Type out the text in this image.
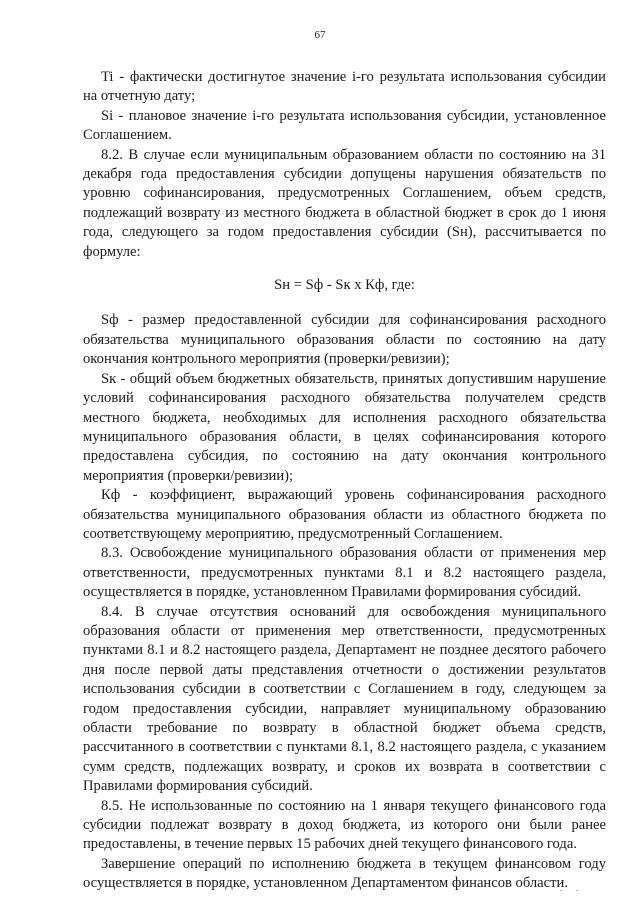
67

Ti - фактически достигнутое значение i-го результата использования субсидии на отчетную дату;

Si - плановое значение i-го результата использования субсидии, установленное Соглашением.

8.2. В случае если муниципальным образованием области по состоянию на 31 декабря года предоставления субсидии допущены нарушения обязательств по уровню софинансирования, предусмотренных Соглашением, объем средств, подлежащий возврату из местного бюджета в областной бюджет в срок до 1 июня года, следующего за годом предоставления субсидии (Sн), рассчитывается по формуле:

Sн = Sф - Sк х Кф, где:

Sф - размер предоставленной субсидии для софинансирования расходного обязательства муниципального образования области по состоянию на дату окончания контрольного мероприятия (проверки/ревизии);

Sк - общий объем бюджетных обязательств, принятых допустившим нарушение условий софинансирования расходного обязательства получателем средств местного бюджета, необходимых для исполнения расходного обязательства муниципального образования области, в целях софинансирования которого предоставлена субсидия, по состоянию на дату окончания контрольного мероприятия (проверки/ревизии);

Кф - коэффициент, выражающий уровень софинансирования расходного обязательства муниципального образования области из областного бюджета по соответствующему мероприятию, предусмотренный Соглашением.

8.3. Освобождение муниципального образования области от применения мер ответственности, предусмотренных пунктами 8.1 и 8.2 настоящего раздела, осуществляется в порядке, установленном Правилами формирования субсидий.

8.4. В случае отсутствия оснований для освобождения муниципального образования области от применения мер ответственности, предусмотренных пунктами 8.1 и 8.2 настоящего раздела, Департамент не позднее десятого рабочего дня после первой даты представления отчетности о достижении результатов использования субсидии в соответствии с Соглашением в году, следующем за годом предоставления субсидии, направляет муниципальному образованию области требование по возврату в областной бюджет объема средств, рассчитанного в соответствии с пунктами 8.1, 8.2 настоящего раздела, с указанием сумм средств, подлежащих возврату, и сроков их возврата в соответствии с Правилами формирования субсидий.

8.5. Не использованные по состоянию на 1 января текущего финансового года субсидии подлежат возврату в доход бюджета, из которого они были ранее предоставлены, в течение первых 15 рабочих дней текущего финансового года.

Завершение операций по исполнению бюджета в текущем финансовом году осуществляется в порядке, установленном Департаментом финансов области.

. .
